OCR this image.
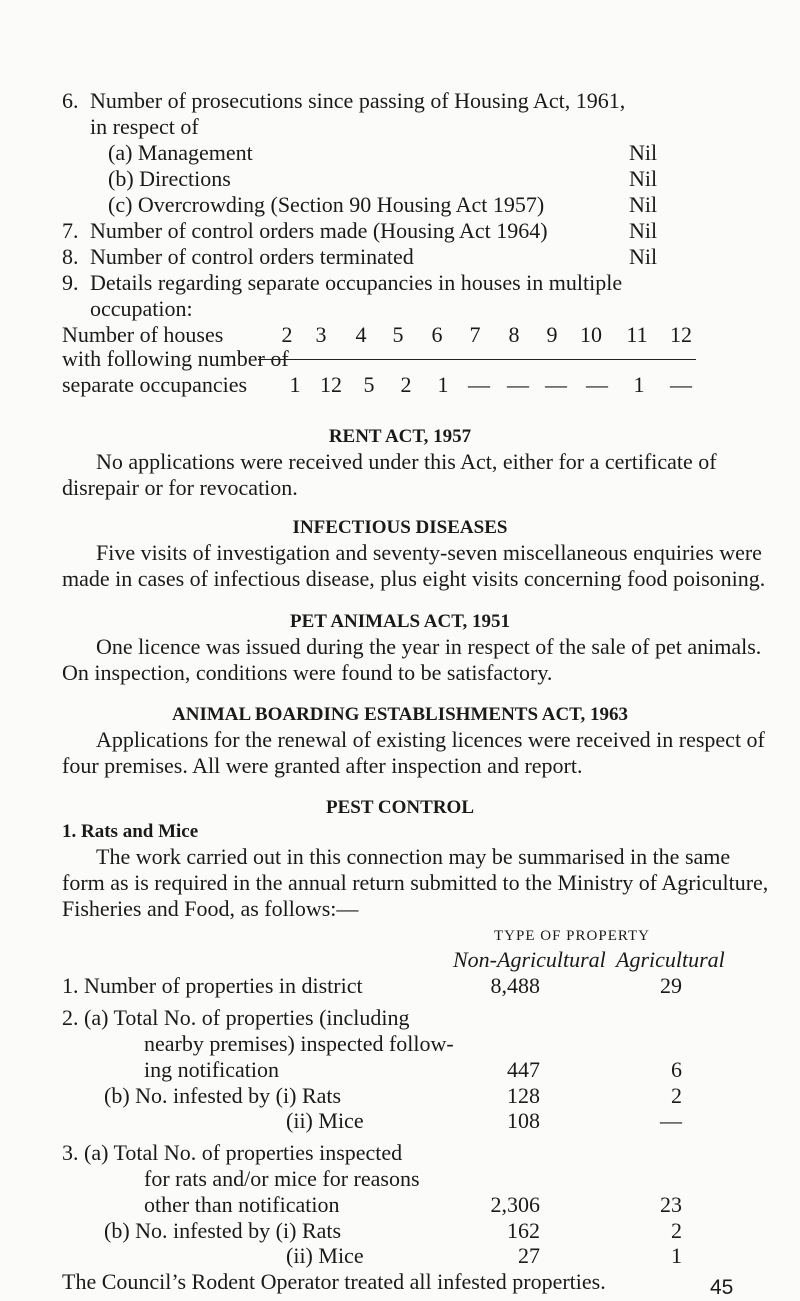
6. Number of prosecutions since passing of Housing Act, 1961,
in respect of
(a) Management	Nil
(b) Directions	Nil
(c) Overcrowding (Section 90 Housing Act 1957)	Nil
7. Number of control orders made (Housing Act 1964)	Nil
8. Number of control orders terminated	Nil
9. Details regarding separate occupancies in houses in multiple
occupation:
Number of houses
with following number of
separate occupancies
2	3	4	5	6	7	8	9	10 11 12
1 12 5	2	1 — — — —	1	—
RENT ACT, 1957
No applications were received under this Act, either for a certificate of
disrepair or for revocation.
INFECTIOUS DISEASES
Five visits of investigation and seventy-seven miscellaneous enquiries were
made in cases of infectious disease, plus eight visits concerning food poisoning.
PET ANIMALS ACT, 1951
One licence was issued during the year in respect of the sale of pet animals.
On inspection, conditions were found to be satisfactory.
ANIMAL BOARDING ESTABLISHMENTS ACT, 1963
Applications for the renewal of existing licences were received in respect of
four premises. All were granted after inspection and report.
PEST CONTROL
1. Rats and Mice
The work carried out in this connection may be summarised in the same
form as is required in the annual return submitted to the Ministry of Agriculture,
Fisheries and Food, as follows:—
TYPE OF PROPERTY
Non-Agricultural Agricultural
1. Number of properties in district	8,488	29
2. (a) Total No. of properties (including
nearby premises) inspected follow-
ing notification	447	6
(b) No. infested by (i) Rats	128	2
(ii) Mice	108	—
3. (a) Total No. of properties inspected
for rats and/or mice for reasons
other than notification	2,306	23
(b) No. infested by (i) Rats	162	2
(ii) Mice	27	1
The Council’s Rodent Operator treated all infested properties.	45
